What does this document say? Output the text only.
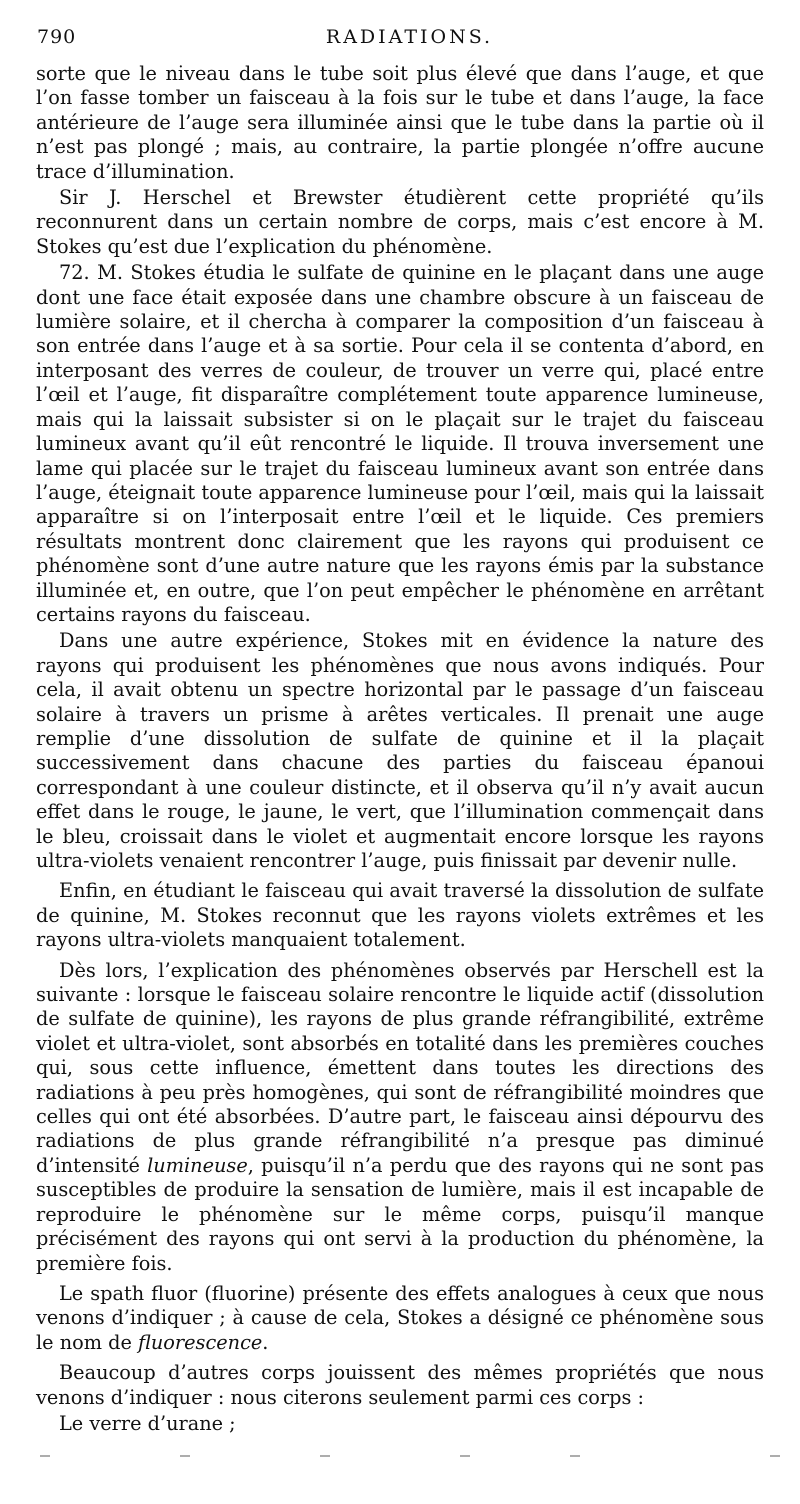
790	RADIATIONS.

sorte que le niveau dans le tube soit plus élevé que dans l’auge, et que l’on fasse tomber un faisceau à la fois sur le tube et dans l’auge, la face antérieure de l’auge sera illuminée ainsi que le tube dans la partie où il n’est pas plongé ; mais, au contraire, la partie plongée n’offre aucune trace d’illumination.

Sir J. Herschel et Brewster étudièrent cette propriété qu’ils reconnurent dans un certain nombre de corps, mais c’est encore à M. Stokes qu’est due l’explication du phénomène.

72. M. Stokes étudia le sulfate de quinine en le plaçant dans une auge dont une face était exposée dans une chambre obscure à un faisceau de lumière solaire, et il chercha à comparer la composition d’un faisceau à son entrée dans l’auge et à sa sortie. Pour cela il se contenta d’abord, en interposant des verres de couleur, de trouver un verre qui, placé entre l’œil et l’auge, fit disparaître complétement toute apparence lumineuse, mais qui la laissait subsister si on le plaçait sur le trajet du faisceau lumineux avant qu’il eût rencontré le liquide. Il trouva inversement une lame qui placée sur le trajet du faisceau lumineux avant son entrée dans l’auge, éteignait toute apparence lumineuse pour l’œil, mais qui la laissait apparaître si on l’interposait entre l’œil et le liquide. Ces premiers résultats montrent donc clairement que les rayons qui produisent ce phénomène sont d’une autre nature que les rayons émis par la substance illuminée et, en outre, que l’on peut empêcher le phénomène en arrêtant certains rayons du faisceau.

Dans une autre expérience, Stokes mit en évidence la nature des rayons qui produisent les phénomènes que nous avons indiqués. Pour cela, il avait obtenu un spectre horizontal par le passage d’un faisceau solaire à travers un prisme à arêtes verticales. Il prenait une auge remplie d’une dissolution de sulfate de quinine et il la plaçait successivement dans chacune des parties du faisceau épanoui correspondant à une couleur distincte, et il observa qu’il n’y avait aucun effet dans le rouge, le jaune, le vert, que l’illumination commençait dans le bleu, croissait dans le violet et augmentait encore lorsque les rayons ultra-violets venaient rencontrer l’auge, puis finissait par devenir nulle.

Enfin, en étudiant le faisceau qui avait traversé la dissolution de sulfate de quinine, M. Stokes reconnut que les rayons violets extrêmes et les rayons ultra-violets manquaient totalement.

Dès lors, l’explication des phénomènes observés par Herschell est la suivante : lorsque le faisceau solaire rencontre le liquide actif (dissolution de sulfate de quinine), les rayons de plus grande réfrangibilité, extrême violet et ultra-violet, sont absorbés en totalité dans les premières couches qui, sous cette influence, émettent dans toutes les directions des radiations à peu près homogènes, qui sont de réfrangibilité moindres que celles qui ont été absorbées. D’autre part, le faisceau ainsi dépourvu des radiations de plus grande réfrangibilité n’a presque pas diminué d’intensité lumineuse, puisqu’il n’a perdu que des rayons qui ne sont pas susceptibles de produire la sensation de lumière, mais il est incapable de reproduire le phénomène sur le même corps, puisqu’il manque précisément des rayons qui ont servi à la production du phénomène, la première fois.

Le spath fluor (fluorine) présente des effets analogues à ceux que nous venons d’indiquer ; à cause de cela, Stokes a désigné ce phénomène sous le nom de fluorescence.

Beaucoup d’autres corps jouissent des mêmes propriétés que nous venons d’indiquer : nous citerons seulement parmi ces corps :

Le verre d’urane ;
